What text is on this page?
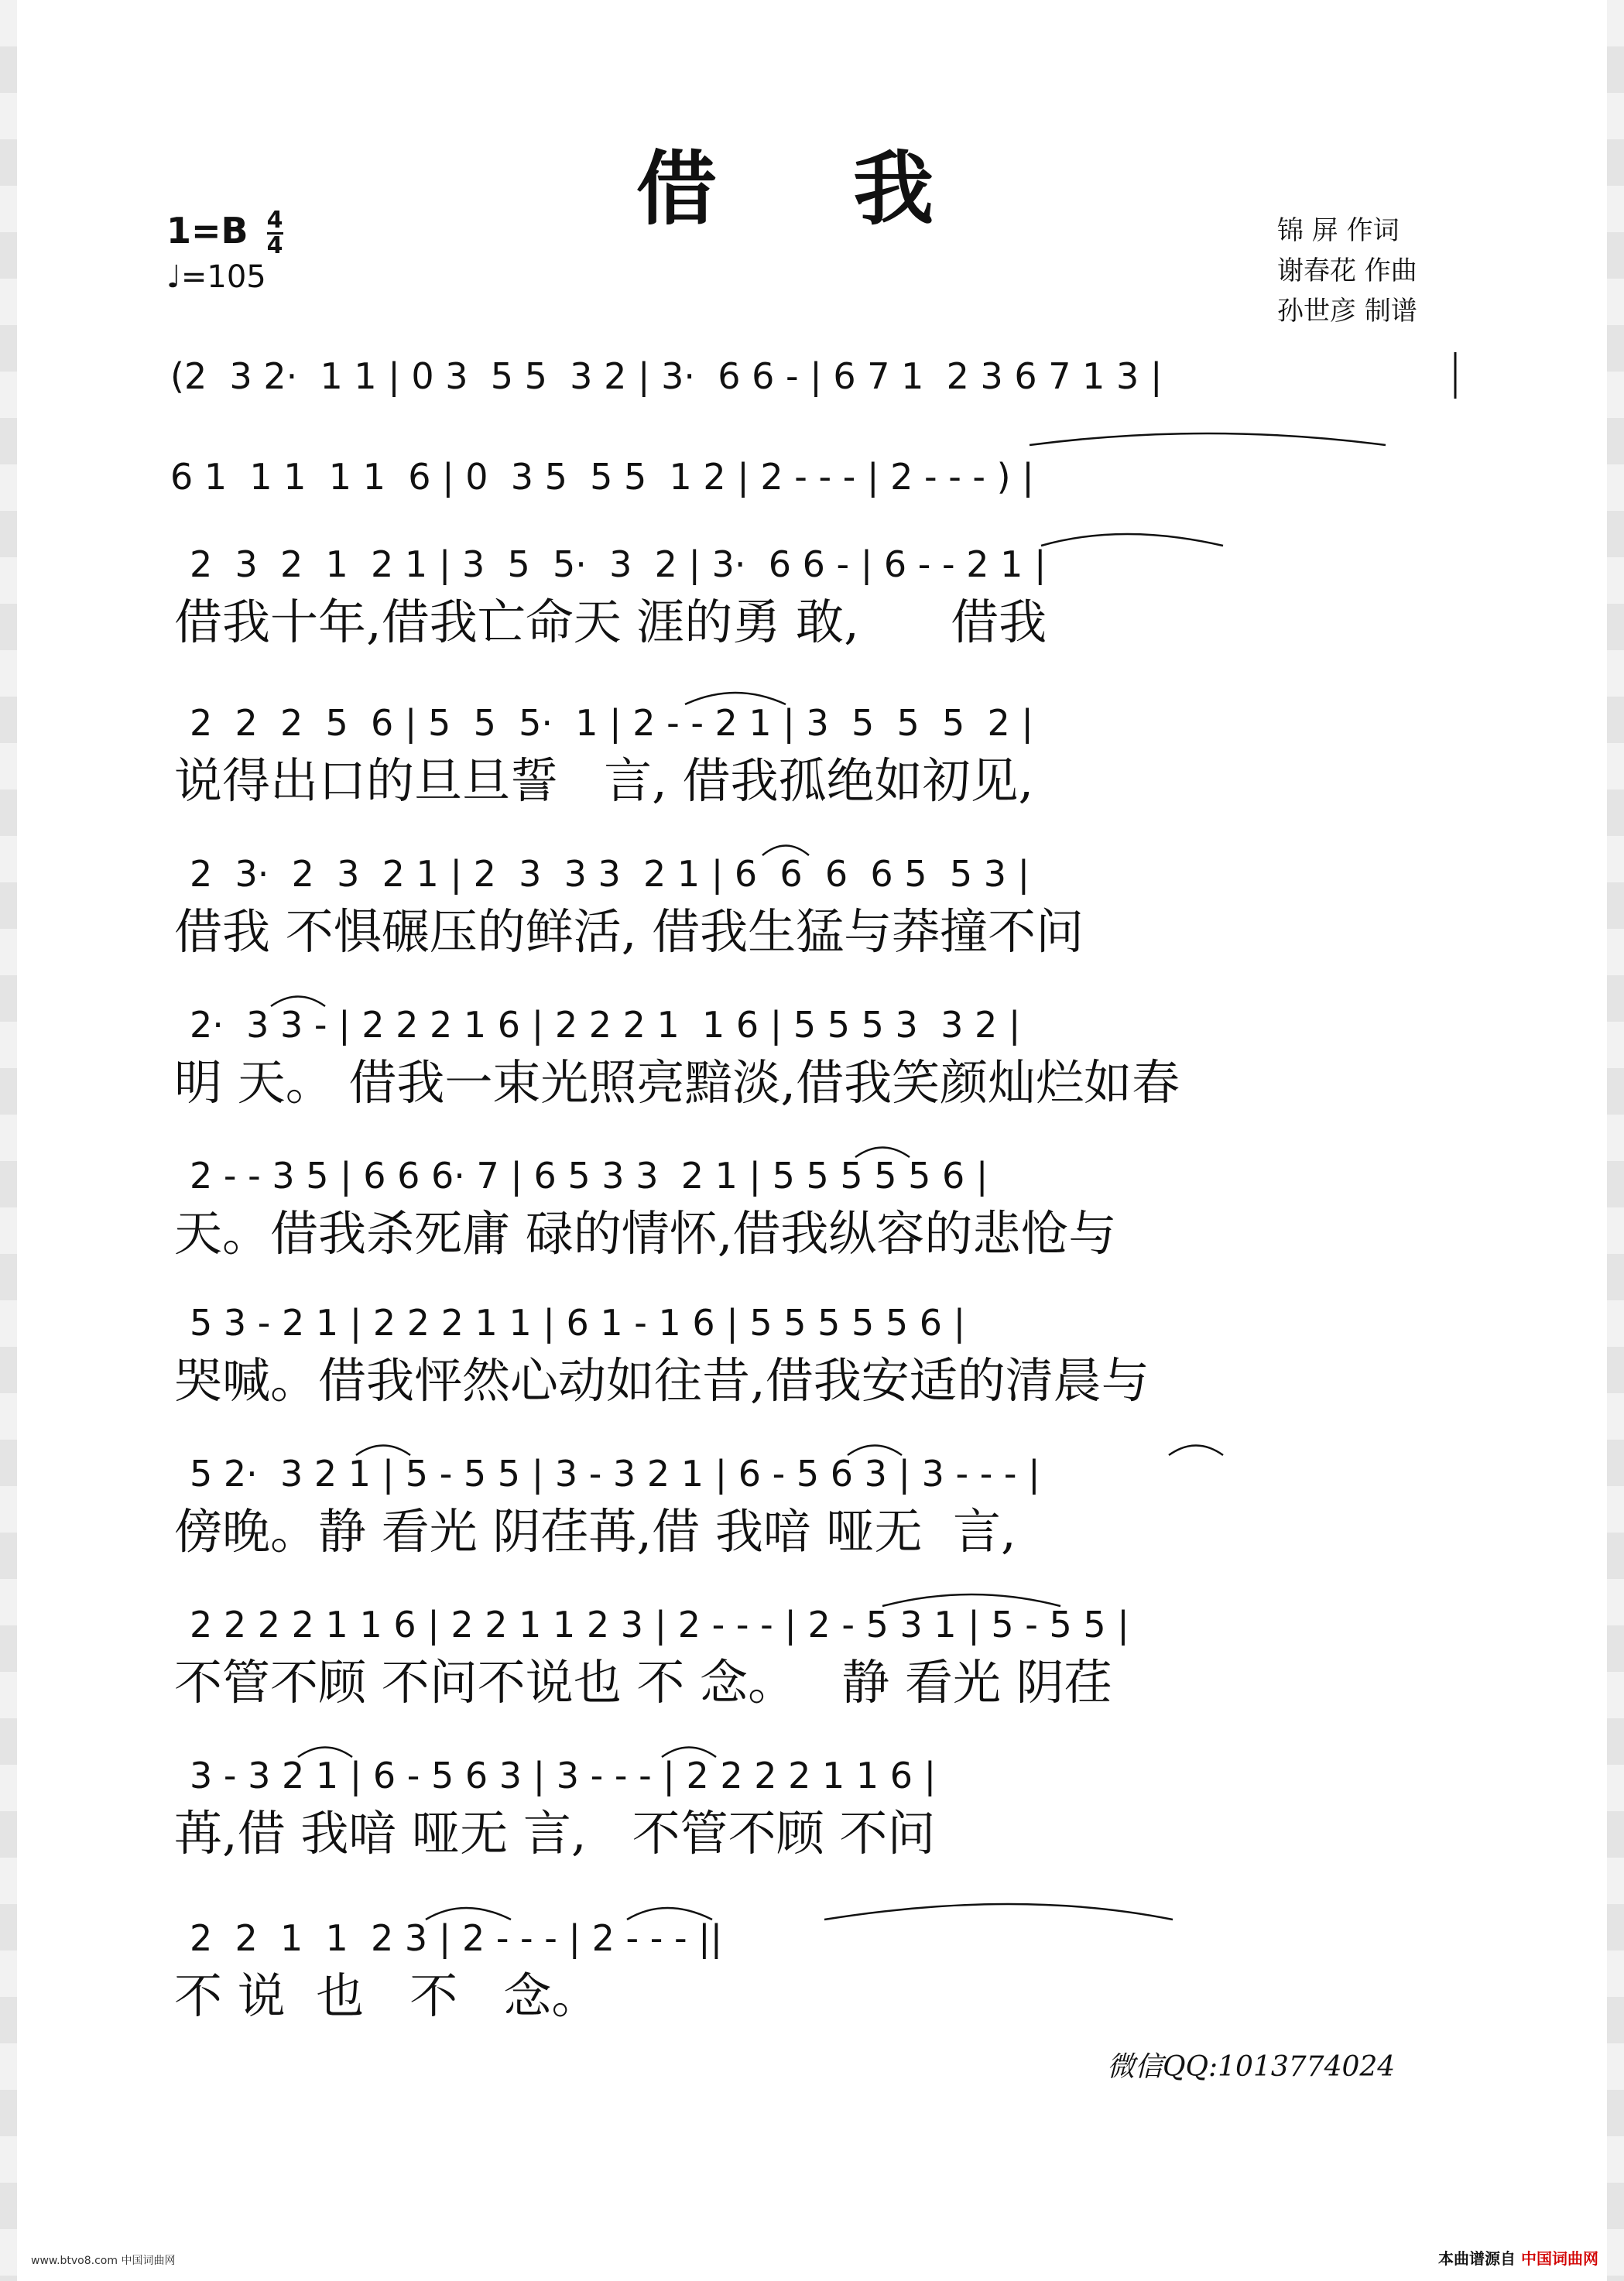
借 我
$1=B \frac{4}{4}$
♩=105
锦 屏 作词
谢春花 作曲
孙世彦 制谱
(2  3 2·  1 1 | 0 3  5 5  3 2 | 3·  6 6 - | 6 7 1  2 3 6 7 1 3 |
6 1  1 1  1 1  6 | 0  3 5  5 5  1 2 | 2 - - - | 2 - - - ) |
2  3  2  1  2 1 | 3  5  5·  3  2 | 3·  6 6 - | 6 - - 2 1 |
借我十年,借我亡命天 涯的勇 敢,      借我
2  2  2  5  6 | 5  5  5·  1 | 2 - - 2 1 | 3  5  5  5  2 |
说得出口的旦旦誓   言, 借我孤绝如初见,
2  3·  2  3  2 1 | 2  3  3 3  2 1 | 6  6  6  6 5  5 3 |
借我 不惧碾压的鲜活, 借我生猛与莽撞不问
2·  3 3 - | 2 2 2 1 6 | 2 2 2 1  1 6 | 5 5 5 3  3 2 |
明 天。 借我一束光照亮黯淡,借我笑颜灿烂如春
2 - - 3 5 | 6 6 6· 7 | 6 5 3 3  2 1 | 5 5 5 5 5 6 |
天。借我杀死庸 碌的情怀,借我纵容的悲怆与
5 3 - 2 1 | 2 2 2 1 1 | 6 1 - 1 6 | 5 5 5 5 5 6 |
哭喊。借我怦然心动如往昔,借我安适的清晨与
5 2·  3 2 1 | 5 - 5 5 | 3 - 3 2 1 | 6 - 5 6 3 | 3 - - - |
傍晚。静 看光 阴荏苒,借 我喑 哑无  言,
2 2 2 2 1 1 6 | 2 2 1 1 2 3 | 2 - - - | 2 - 5 3 1 | 5 - 5 5 |
不管不顾 不问不说也 不 念。   静 看光 阴荏
3 - 3 2 1 | 6 - 5 6 3 | 3 - - - | 2 2 2 2 1 1 6 |
苒,借 我喑 哑无 言,   不管不顾 不问
2  2  1  1  2 3 | 2 - - - | 2 - - - ||
不 说  也   不   念。
微信QQ:1013774024
www.btvo8.com 中国词曲网	本曲谱源自 中国词曲网
